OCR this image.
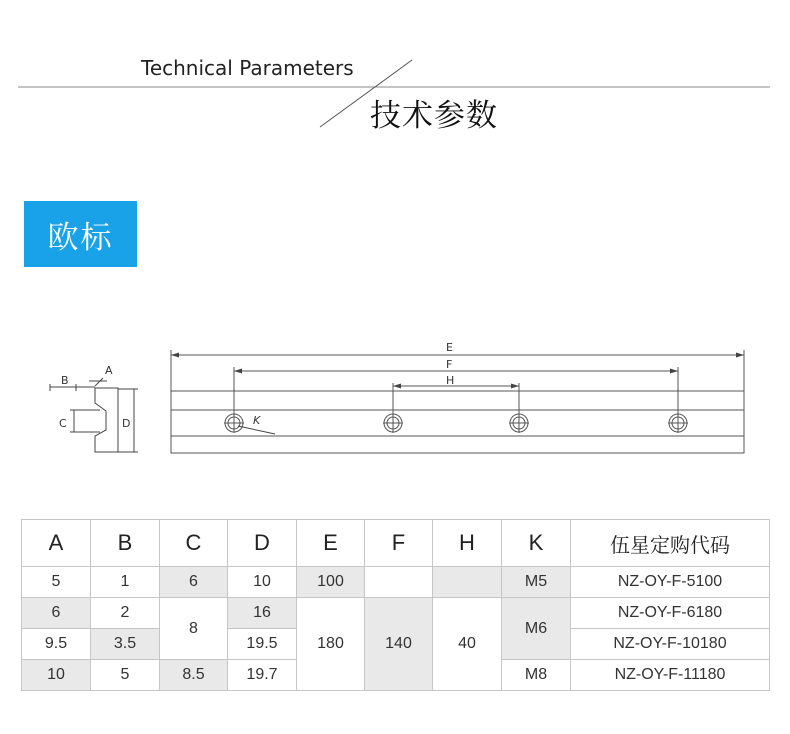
Technical Parameters
技术参数
欧标
B
A
C	D
E
F
H
K
A	B	C	D	E	F	H	K	伍星定购代码
5	1	6	10	100			M5	NZ-OY-F-5100
6	2	8	16	180	140	40	M6	NZ-OY-F-6180
9.5	3.5		19.5					NZ-OY-F-10180
10	5	8.5	19.7				M8	NZ-OY-F-11180
